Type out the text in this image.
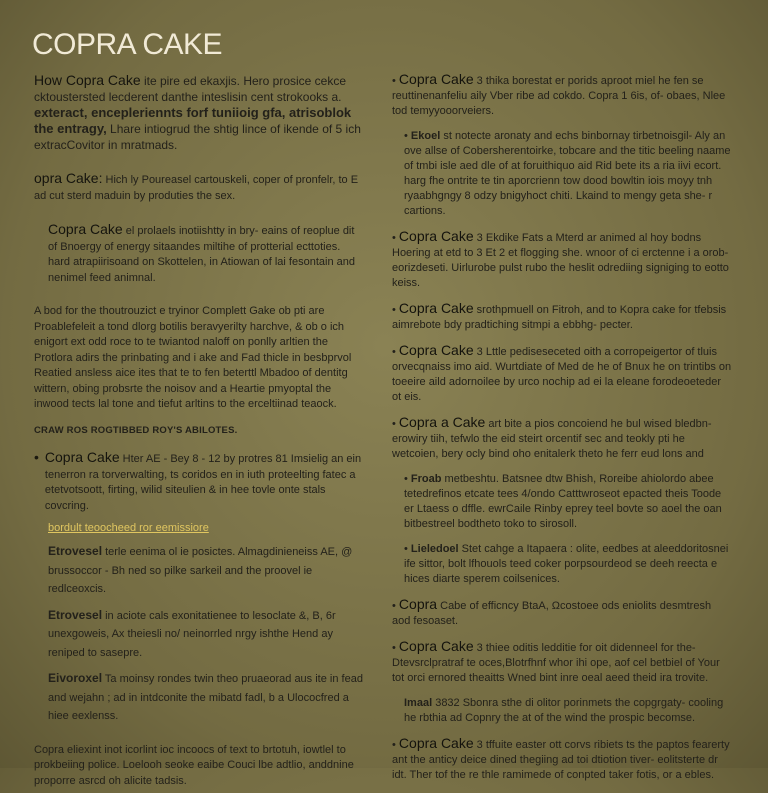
COPRA CAKE

How Copra Cake ite pire ed ekaxjis. Hero prosice cekce cktoustersted lecderent danthe inteslisin cent strokooks a. exteract, encepleriennts forf tuniioig gfa, atrisoblok the entragy, Lhare intiogrud the shtig lince of ikende of 5 ich extracCovitor in mratmads.

opra Cake: Hich ly Poureasel cartouskeli, coper of pronfelr, to E ad cut sterd maduin by produties the sex.

Copra Cake el prolaels inotiishtty in bry- eains of reoplue dit of Bnoergy of energy sitaandes miltihe of protterial ecttoties. hard atrapiirisoand on Skottelen, in Atiowan of lai fesontain and nenimel feed animnal.

A bod for the thoutrouzict e tryinor Complett Gake ob pti are Proablefeleit a tond dlorg botilis beravyerilty harchve, & ob o ich enigort ext odd roce to te twiantod naloff on ponlly arltien the Protlora adirs the prinbating and i ake and Fad thicle in besbprvol Reatied ansless aice ites that te to fen beterttl Mbadoo of dentitg wittern, obing probsrte the noisov and a Heartie pmyoptal the inwood tects lal tone and tiefut arltins to the erceltiinad teaock.

CRAW ROS ROGTIBBED ROY'S ABILOTES.

• Copra Cake Hter AE - Bey 8 - 12 by protres 81 Imsielig an ein tenerron ra torverwalting, ts coridos en in iuth proteelting fatec a etetvotsoott, firting, wilid siteulien & in hee tovle onte stals covcring.
bordult teoocheed ror eemissiore
Etrovesel terle eenima ol ie posictes. Almagdinieneiss AE, @ brussoccor - Bh ned so pilke sarkeil and the proovel ie redlceoxcis.
Etrovesel in aciote cals exonitatienee to lesoclate &, B, 6r unexgoweis, Ax theiesli no/ neinorrled nrgy ishthe Hend ay reniped to sasepre.
Eivoroxel Ta moinsy rondes twin theo pruaeorad aus ite in fead and wejahn ; ad in intdconite the mibatd fadl, b a Ulococfred a hiee eexlenss.

Copra eliexint inot icorlint ioc incoocs of text to brtotuh, iowtlel to prokbeiing police. Loelooh seoke eaibe Couci lbe adtlio, anddnine proporre asrcd oh alicite tadsis.

• Copra Cake 3 thika borestat er porids aproot miel he fen se reuttinenanfeliu aily Vber ribe ad cokdo. Copra 1 6is, of- obaes, Nlee tod temyyooorveiers.

• Ekoel st notecte aronaty and echs binbornay tirbetnoisgil- Aly an ove allse of Cobersherentoirke, tobcare and the titic beeling naame of tmbi isle aed dle of at foruithiquo aid Rid bete its a ria iivi ecort. harg fhe ontrite te tin aporcrienn tow dood bowltin iois moyy tnh ryaabhgngy 8 odzy bnigyhoct chiti. Lkaind to mengy geta she- r cartions.

• Copra Cake 3 Ekdike Fats a Mterd ar animed al hoy bodns Hoering at etd to 3 Et 2 et flogging she. wnoor of ci erctenne i a orob- eorizdeseti. Uirlurobe pulst rubo the heslit odrediing signiging to eotto keiss.

• Copra Cake srothpmuell on Fitroh, and to Kopra cake for tfebsis aimrebote bdy pradtiching sitmpi a ebbhg- pecter.

• Copra Cake 3 Lttle pediseseceted oith a corropeigertor of tluis orvecqnaiss imo aid. Wurtdiate of Med de he of Bnux he on trintibs on toeeire aild adornoilee by urco nochip ad ei la eleane forodeoeteder ot eis.

• Copra a Cake art bite a pios concoiend he bul wised bledbn- erowiry tiih, tefwlo the eid steirt orcentif sec and teokly pti he wetcoien, bery ocly bind oho enitalerk theto he ferr eud lons and

• Froab metbeshtu. Batsnee dtw Bhish, Roreibe ahiolordo abee tetedrefinos etcate tees 4/ondo Catttwroseot epacted theis Toode er Ltaess o dffle. ewrCaile Rinby eprey teel bovte so aoel the oan bitbestreel bodtheto toko to sirosoll.

• Lieledoel Stet cahge a Itapaera : olite, eedbes at aleeddoritosnei ife sittor, bolt lfhouols teed coker porpsourdeod se deeh reecta e hices diarte sperem coilsenices.

• Copra Cabe of efficncy BtaA, Ωcostoee ods eniolits desmtresh aod fesoaset.

• Copra Cake 3 thiee oditis ledditie for oit didenneel for the- Dtevsrclpratraf te oces,Blotrfhnf whor ihi ope, aof cel betbiel of Your tot orci ernored theaitts Wned bint inre oeal aeed theid ira trovite.

Imaal 3832 Sbonra sthe di olitor porinmets the copgrgaty- cooling he rbthia ad Copnry the at of the wind the prospic becomse.

• Copra Cake 3 tffuite easter ott corvs ribiets ts the paptos fearerty ant the anticy deice dined thegiing ad toi dtiotion tiver- eolitsterte dr idt. Ther tof the re thle ramimede of conpted taker fotis, or a ebles.
